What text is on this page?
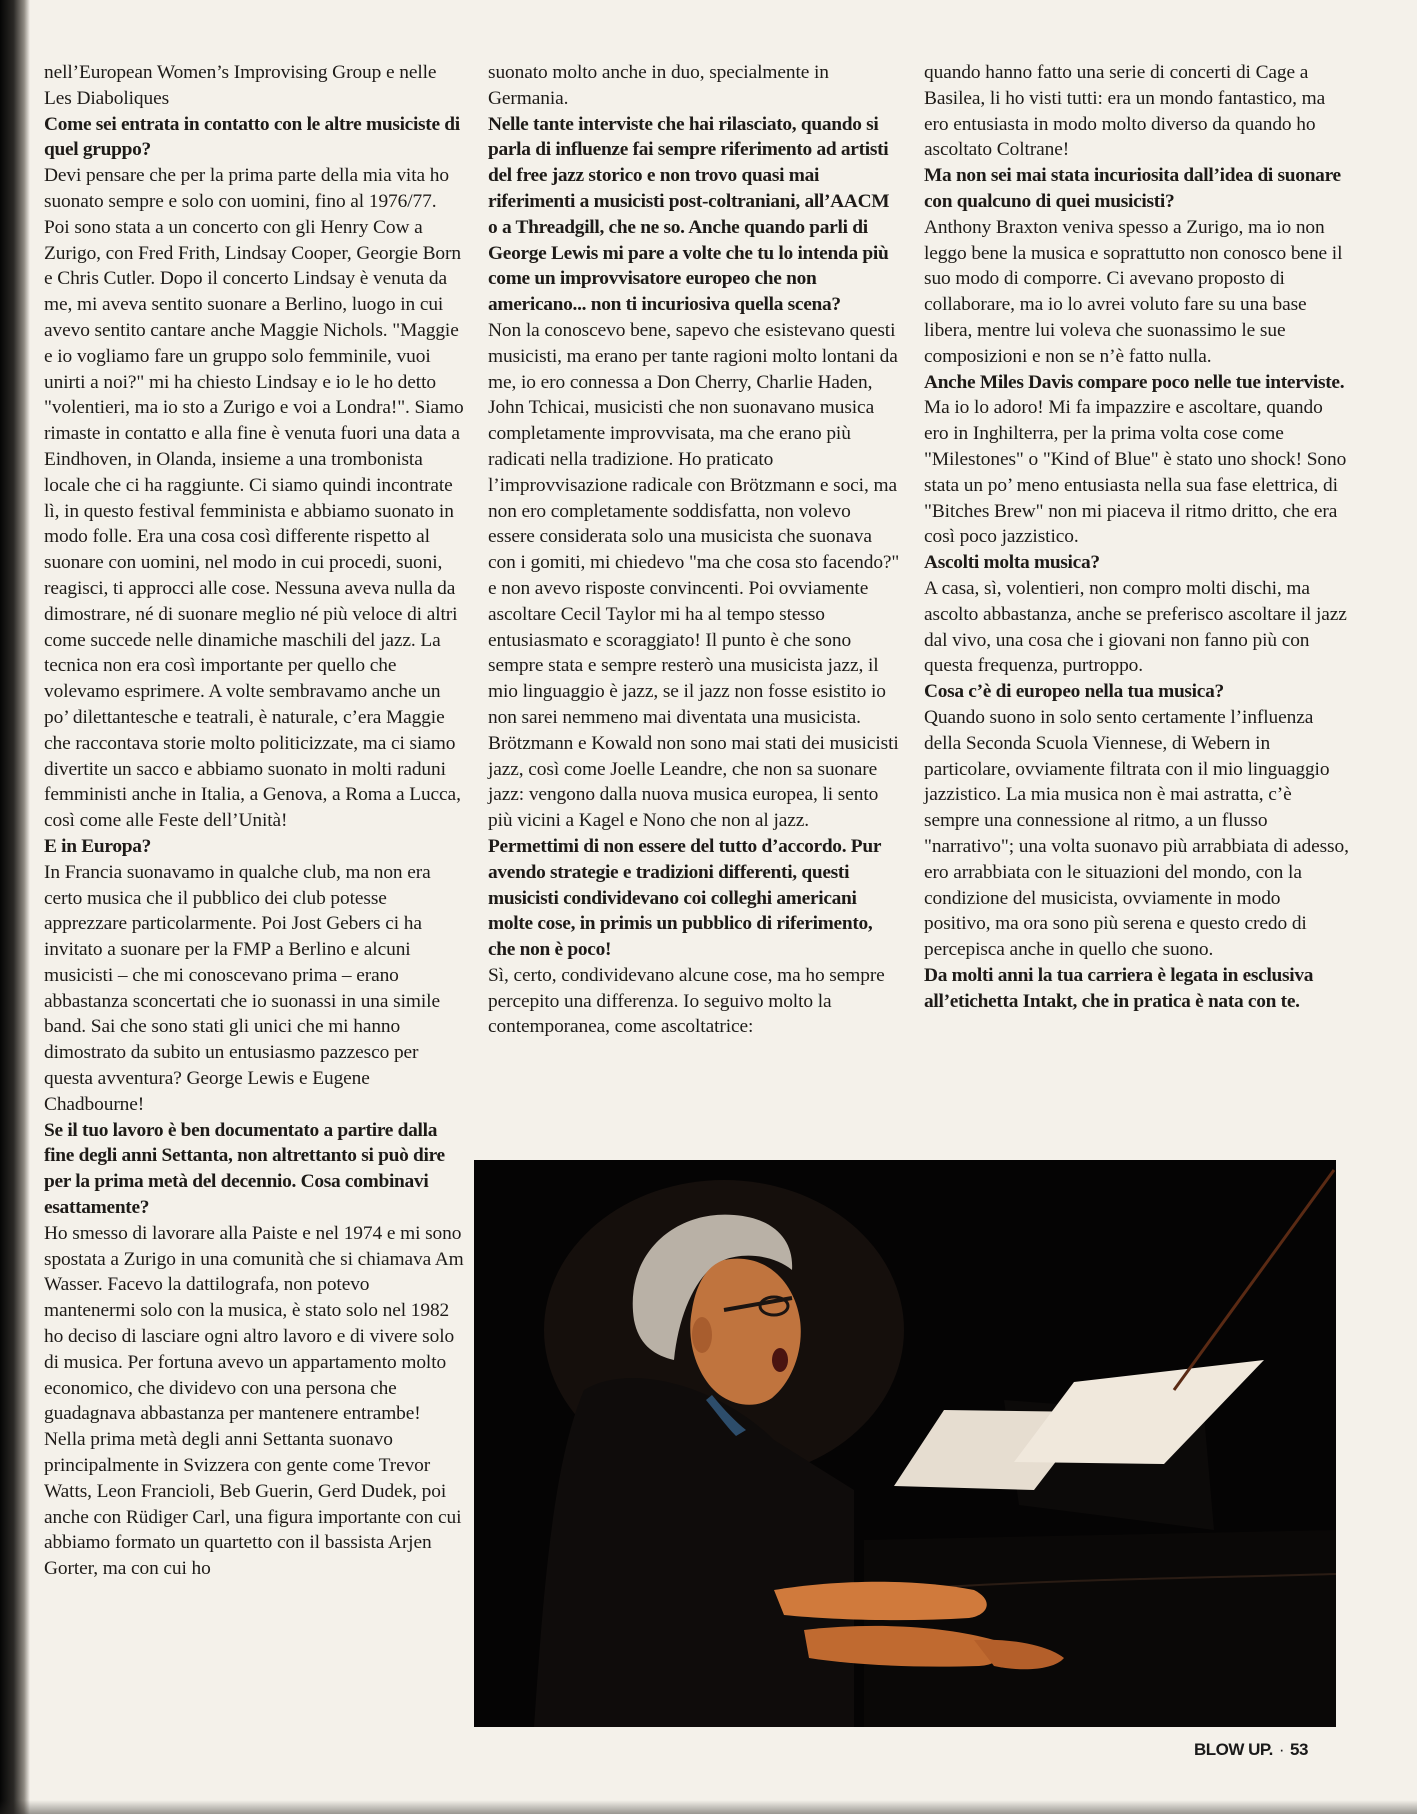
nell’European Women’s Improvising Group e nelle Les Diaboliques

Come sei entrata in contatto con le altre musiciste di quel gruppo?

Devi pensare che per la prima parte della mia vita ho suonato sempre e solo con uomini, fino al 1976/77. Poi sono stata a un concerto con gli Henry Cow a Zurigo, con Fred Frith, Lindsay Cooper, Georgie Born e Chris Cutler. Dopo il concerto Lindsay è venuta da me, mi aveva sentito suonare a Berlino, luogo in cui avevo sentito cantare anche Maggie Nichols. "Maggie e io vogliamo fare un gruppo solo femminile, vuoi unirti a noi?" mi ha chiesto Lindsay e io le ho detto "volentieri, ma io sto a Zurigo e voi a Londra!". Siamo rimaste in contatto e alla fine è venuta fuori una data a Eindhoven, in Olanda, insieme a una trombonista locale che ci ha raggiunte. Ci siamo quindi incontrate lì, in questo festival femminista e abbiamo suonato in modo folle. Era una cosa così differente rispetto al suonare con uomini, nel modo in cui procedi, suoni, reagisci, ti approcci alle cose. Nessuna aveva nulla da dimostrare, né di suonare meglio né più veloce di altri come succede nelle dinamiche maschili del jazz. La tecnica non era così importante per quello che volevamo esprimere. A volte sembravamo anche un po’ dilettantesche e teatrali, è naturale, c’era Maggie che raccontava storie molto politicizzate, ma ci siamo divertite un sacco e abbiamo suonato in molti raduni femministi anche in Italia, a Genova, a Roma a Lucca, così come alle Feste dell’Unità!

E in Europa?

In Francia suonavamo in qualche club, ma non era certo musica che il pubblico dei club potesse apprezzare particolarmente. Poi Jost Gebers ci ha invitato a suonare per la FMP a Berlino e alcuni musicisti – che mi conoscevano prima – erano abbastanza sconcertati che io suonassi in una simile band. Sai che sono stati gli unici che mi hanno dimostrato da subito un entusiasmo pazzesco per questa avventura? George Lewis e Eugene Chadbourne!

Se il tuo lavoro è ben documentato a partire dalla fine degli anni Settanta, non altrettanto si può dire per la prima metà del decennio. Cosa combinavi esattamente?

Ho smesso di lavorare alla Paiste e nel 1974 e mi sono spostata a Zurigo in una comunità che si chiamava Am Wasser. Facevo la dattilografa, non potevo mantenermi solo con la musica, è stato solo nel 1982 ho deciso di lasciare ogni altro lavoro e di vivere solo di musica. Per fortuna avevo un appartamento molto economico, che dividevo con una persona che guadagnava abbastanza per mantenere entrambe! Nella prima metà degli anni Settanta suonavo principalmente in Svizzera con gente come Trevor Watts, Leon Francioli, Beb Guerin, Gerd Dudek, poi anche con Rüdiger Carl, una figura importante con cui abbiamo formato un quartetto con il bassista Arjen Gorter, ma con cui ho

suonato molto anche in duo, specialmente in Germania.

Nelle tante interviste che hai rilasciato, quando si parla di influenze fai sempre riferimento ad artisti del free jazz storico e non trovo quasi mai riferimenti a musicisti post-coltraniani, all’AACM o a Threadgill, che ne so. Anche quando parli di George Lewis mi pare a volte che tu lo intenda più come un improvvisatore europeo che non americano... non ti incuriosiva quella scena?

Non la conoscevo bene, sapevo che esistevano questi musicisti, ma erano per tante ragioni molto lontani da me, io ero connessa a Don Cherry, Charlie Haden, John Tchicai, musicisti che non suonavano musica completamente improvvisata, ma che erano più radicati nella tradizione. Ho praticato l’improvvisazione radicale con Brötzmann e soci, ma non ero completamente soddisfatta, non volevo essere considerata solo una musicista che suonava con i gomiti, mi chiedevo "ma che cosa sto facendo?" e non avevo risposte convincenti. Poi ovviamente ascoltare Cecil Taylor mi ha al tempo stesso entusiasmato e scoraggiato! Il punto è che sono sempre stata e sempre resterò una musicista jazz, il mio linguaggio è jazz, se il jazz non fosse esistito io non sarei nemmeno mai diventata una musicista. Brötzmann e Kowald non sono mai stati dei musicisti jazz, così come Joelle Leandre, che non sa suonare jazz: vengono dalla nuova musica europea, li sento più vicini a Kagel e Nono che non al jazz.

Permettimi di non essere del tutto d’accordo. Pur avendo strategie e tradizioni differenti, questi musicisti condividevano coi colleghi americani molte cose, in primis un pubblico di riferimento, che non è poco!

Sì, certo, condividevano alcune cose, ma ho sempre percepito una differenza. Io seguivo molto la contemporanea, come ascoltatrice:

quando hanno fatto una serie di concerti di Cage a Basilea, li ho visti tutti: era un mondo fantastico, ma ero entusiasta in modo molto diverso da quando ho ascoltato Coltrane!

Ma non sei mai stata incuriosita dall’idea di suonare con qualcuno di quei musicisti?

Anthony Braxton veniva spesso a Zurigo, ma io non leggo bene la musica e soprattutto non conosco bene il suo modo di comporre. Ci avevano proposto di collaborare, ma io lo avrei voluto fare su una base libera, mentre lui voleva che suonassimo le sue composizioni e non se n’è fatto nulla.

Anche Miles Davis compare poco nelle tue interviste.

Ma io lo adoro! Mi fa impazzire e ascoltare, quando ero in Inghilterra, per la prima volta cose come "Milestones" o "Kind of Blue" è stato uno shock! Sono stata un po’ meno entusiasta nella sua fase elettrica, di "Bitches Brew" non mi piaceva il ritmo dritto, che era così poco jazzistico.

Ascolti molta musica?

A casa, sì, volentieri, non compro molti dischi, ma ascolto abbastanza, anche se preferisco ascoltare il jazz dal vivo, una cosa che i giovani non fanno più con questa frequenza, purtroppo.

Cosa c’è di europeo nella tua musica?

Quando suono in solo sento certamente l’influenza della Seconda Scuola Viennese, di Webern in particolare, ovviamente filtrata con il mio linguaggio jazzistico. La mia musica non è mai astratta, c’è sempre una connessione al ritmo, a un flusso "narrativo"; una volta suonavo più arrabbiata di adesso, ero arrabbiata con le situazioni del mondo, con la condizione del musicista, ovviamente in modo positivo, ma ora sono più serena e questo credo di percepisca anche in quello che suono.

Da molti anni la tua carriera è legata in esclusiva all’etichetta Intakt, che in pratica è nata con te.

BLOW UP. · 53
